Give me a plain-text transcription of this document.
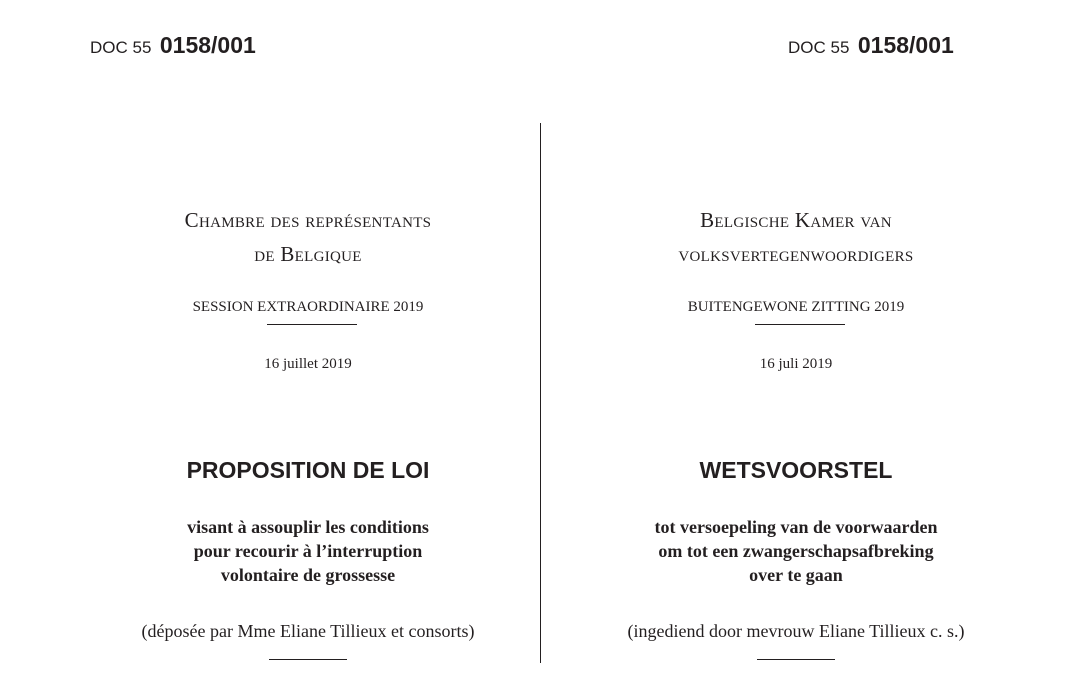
DOC 55 0158/001	DOC 55 0158/001
Chambre des représentants
de Belgique
SESSION EXTRAORDINAIRE 2019
16 juillet 2019
PROPOSITION DE LOI
visant à assouplir les conditions
pour recourir à l’interruption
volontaire de grossesse
(déposée par Mme Eliane Tillieux et consorts)
Belgische Kamer van
volksvertegenwoordigers
BUITENGEWONE ZITTING 2019
16 juli 2019
WETSVOORSTEL
tot versoepeling van de voorwaarden
om tot een zwangerschapsafbreking
over te gaan
(ingediend door mevrouw Eliane Tillieux c. s.)
